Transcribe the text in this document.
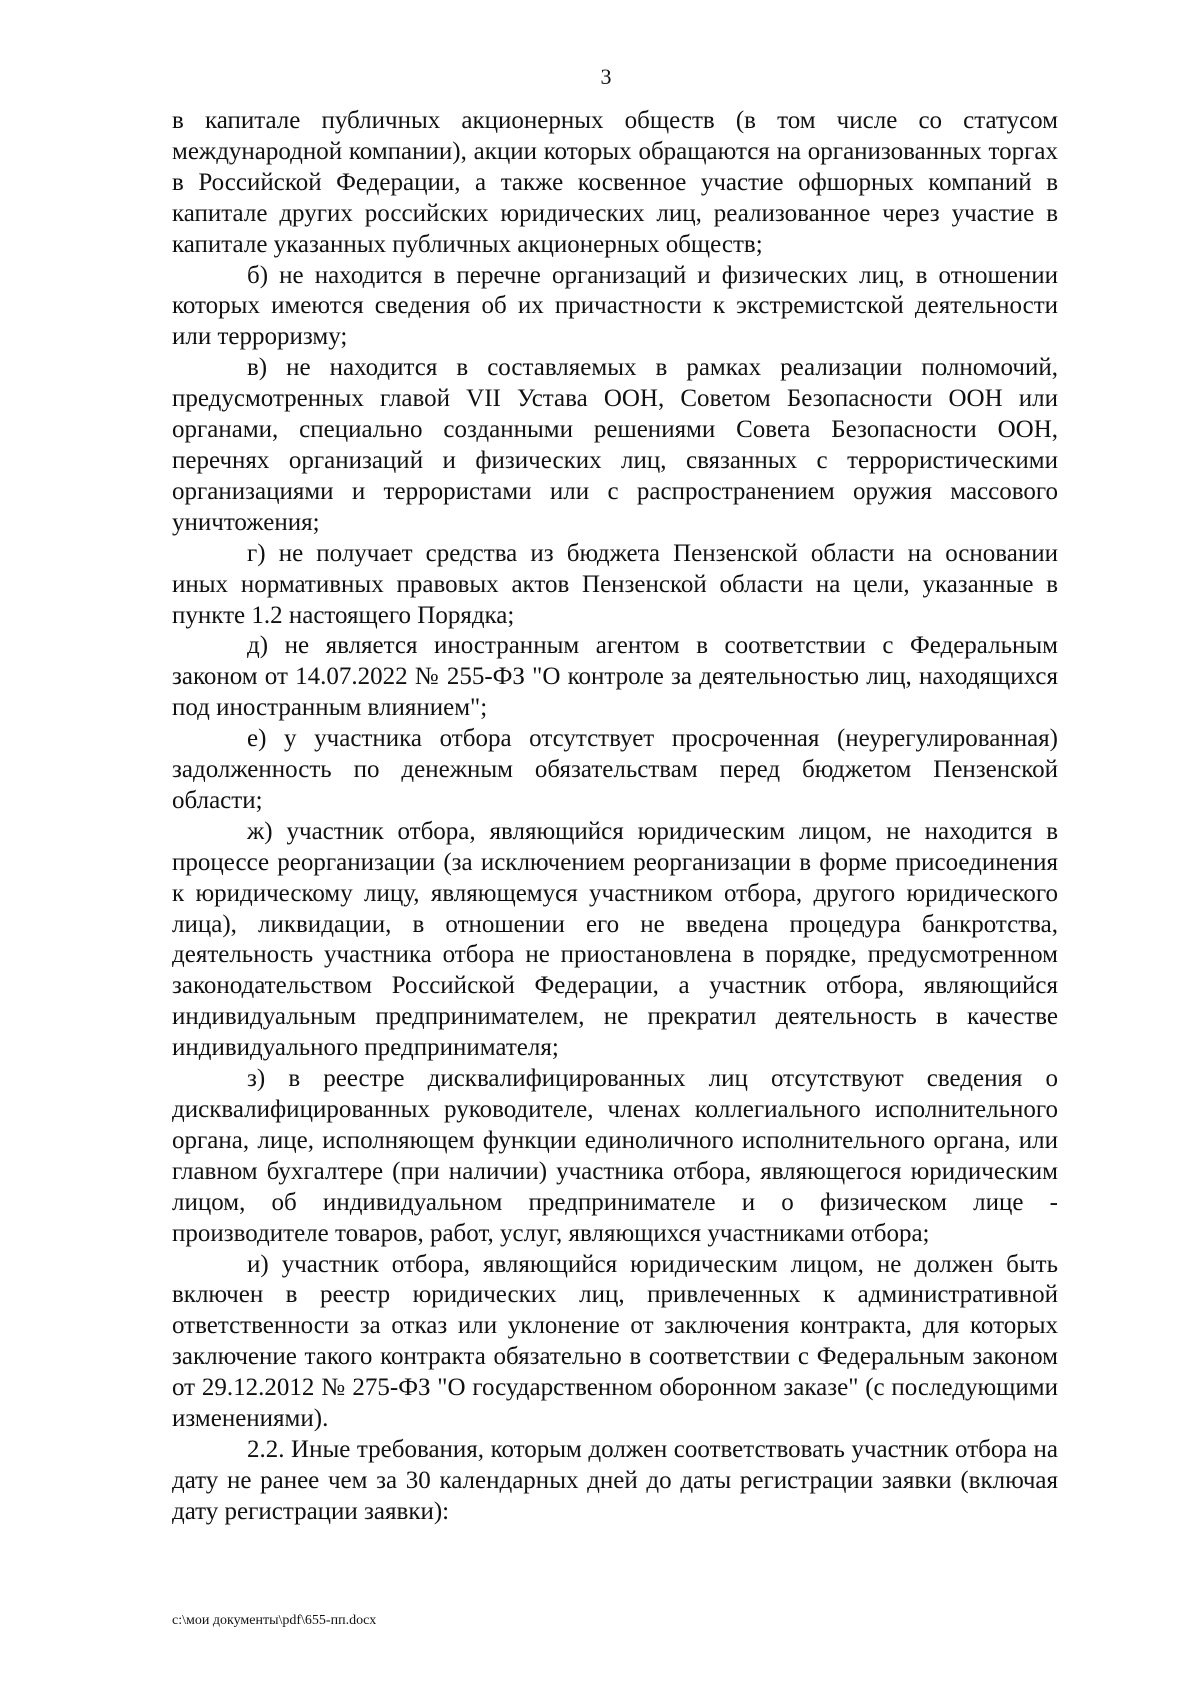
3

в капитале публичных акционерных обществ (в том числе со статусом международной компании), акции которых обращаются на организованных торгах в Российской Федерации, а также косвенное участие офшорных компаний в капитале других российских юридических лиц, реализованное через участие в капитале указанных публичных акционерных обществ;

б) не находится в перечне организаций и физических лиц, в отношении которых имеются сведения об их причастности к экстремистской деятельности или терроризму;

в) не находится в составляемых в рамках реализации полномочий, предусмотренных главой VII Устава ООН, Советом Безопасности ООН или органами, специально созданными решениями Совета Безопасности ООН, перечнях организаций и физических лиц, связанных с террористическими организациями и террористами или с распространением оружия массового уничтожения;

г) не получает средства из бюджета Пензенской области на основании иных нормативных правовых актов Пензенской области на цели, указанные в пункте 1.2 настоящего Порядка;

д) не является иностранным агентом в соответствии с Федеральным законом от 14.07.2022 № 255-ФЗ "О контроле за деятельностью лиц, находящихся под иностранным влиянием";

е) у участника отбора отсутствует просроченная (неурегулированная) задолженность по денежным обязательствам перед бюджетом Пензенской области;

ж) участник отбора, являющийся юридическим лицом, не находится в процессе реорганизации (за исключением реорганизации в форме присоединения к юридическому лицу, являющемуся участником отбора, другого юридического лица), ликвидации, в отношении его не введена процедура банкротства, деятельность участника отбора не приостановлена в порядке, предусмотренном законодательством Российской Федерации, а участник отбора, являющийся индивидуальным предпринимателем, не прекратил деятельность в качестве индивидуального предпринимателя;

з) в реестре дисквалифицированных лиц отсутствуют сведения о дисквалифицированных руководителе, членах коллегиального исполнительного органа, лице, исполняющем функции единоличного исполнительного органа, или главном бухгалтере (при наличии) участника отбора, являющегося юридическим лицом, об индивидуальном предпринимателе и о физическом лице - производителе товаров, работ, услуг, являющихся участниками отбора;

и) участник отбора, являющийся юридическим лицом, не должен быть включен в реестр юридических лиц, привлеченных к административной ответственности за отказ или уклонение от заключения контракта, для которых заключение такого контракта обязательно в соответствии с Федеральным законом от 29.12.2012 № 275-ФЗ "О государственном оборонном заказе" (с последующими изменениями).

2.2. Иные требования, которым должен соответствовать участник отбора на дату не ранее чем за 30 календарных дней до даты регистрации заявки (включая дату регистрации заявки):

c:\мои документы\pdf\655-пп.docx
